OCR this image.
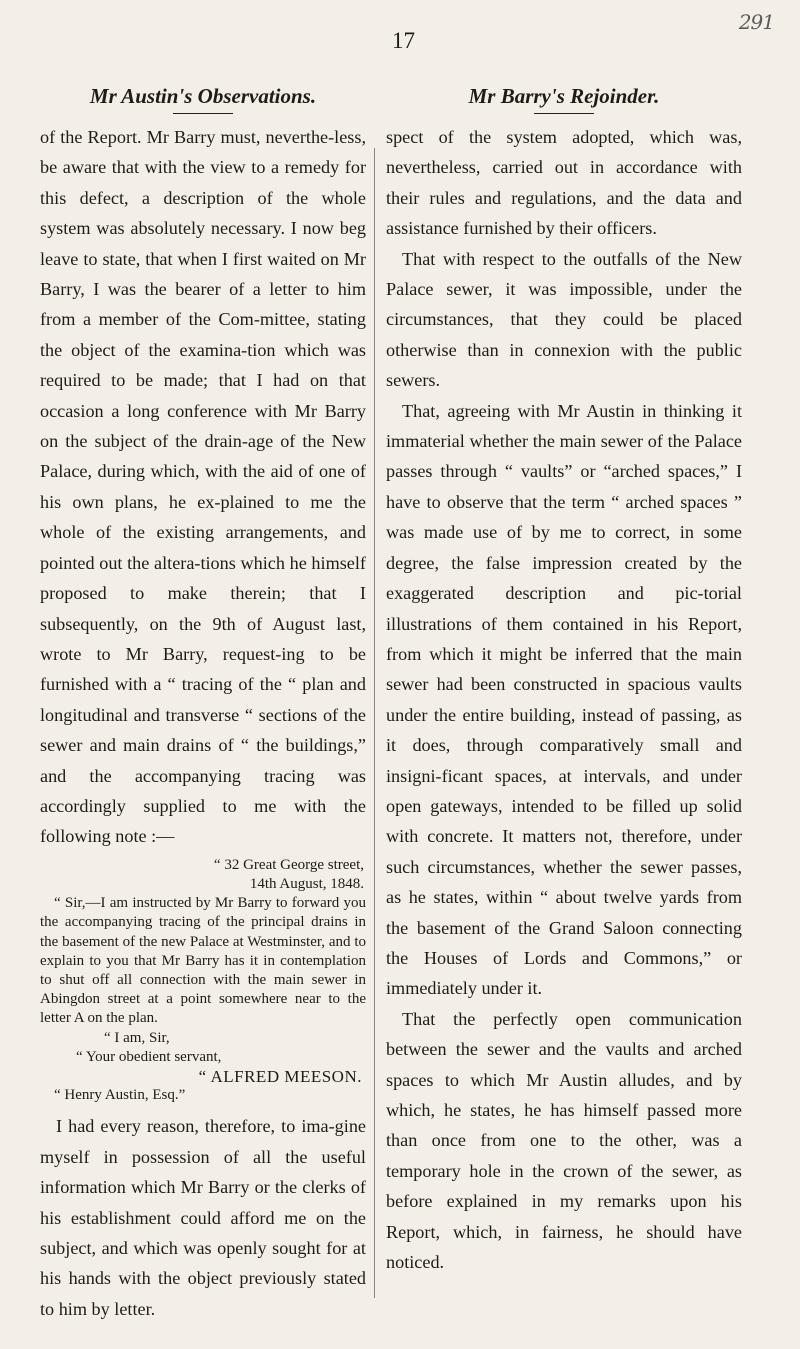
291
17
Mr Austin's Observations.

of the Report. Mr Barry must, neverthe-less, be aware that with the view to a remedy for this defect, a description of the whole system was absolutely necessary. I now beg leave to state, that when I first waited on Mr Barry, I was the bearer of a letter to him from a member of the Com-mittee, stating the object of the examina-tion which was required to be made; that I had on that occasion a long conference with Mr Barry on the subject of the drain-age of the New Palace, during which, with the aid of one of his own plans, he ex-plained to me the whole of the existing arrangements, and pointed out the altera-tions which he himself proposed to make therein; that I subsequently, on the 9th of August last, wrote to Mr Barry, request-ing to be furnished with a “ tracing of the “ plan and longitudinal and transverse “ sections of the sewer and main drains of “ the buildings,” and the accompanying tracing was accordingly supplied to me with the following note :—

“ 32 Great George street,

14th August, 1848.

“ Sir,—I am instructed by Mr Barry to forward you the accompanying tracing of the principal drains in the basement of the new Palace at Westminster, and to explain to you that Mr Barry has it in contemplation to shut off all connection with the main sewer in Abingdon street at a point somewhere near to the letter A on the plan.

“ I am, Sir,

“ Your obedient servant,

“ ALFRED MEESON.

“ Henry Austin, Esq.”

I had every reason, therefore, to ima-gine myself in possession of all the useful information which Mr Barry or the clerks of his establishment could afford me on the subject, and which was openly sought for at his hands with the object previously stated to him by letter.

Mr Barry's Rejoinder.

spect of the system adopted, which was, nevertheless, carried out in accordance with their rules and regulations, and the data and assistance furnished by their officers.

That with respect to the outfalls of the New Palace sewer, it was impossible, under the circumstances, that they could be placed otherwise than in connexion with the public sewers.

That, agreeing with Mr Austin in thinking it immaterial whether the main sewer of the Palace passes through “ vaults” or “arched spaces,” I have to observe that the term “ arched spaces ” was made use of by me to correct, in some degree, the false impression created by the exaggerated description and pic-torial illustrations of them contained in his Report, from which it might be inferred that the main sewer had been constructed in spacious vaults under the entire building, instead of passing, as it does, through comparatively small and insigni-ficant spaces, at intervals, and under open gateways, intended to be filled up solid with concrete. It matters not, therefore, under such circumstances, whether the sewer passes, as he states, within “ about twelve yards from the basement of the Grand Saloon connecting the Houses of Lords and Commons,” or immediately under it.

That the perfectly open communication between the sewer and the vaults and arched spaces to which Mr Austin alludes, and by which, he states, he has himself passed more than once from one to the other, was a temporary hole in the crown of the sewer, as before explained in my remarks upon his Report, which, in fairness, he should have noticed.
